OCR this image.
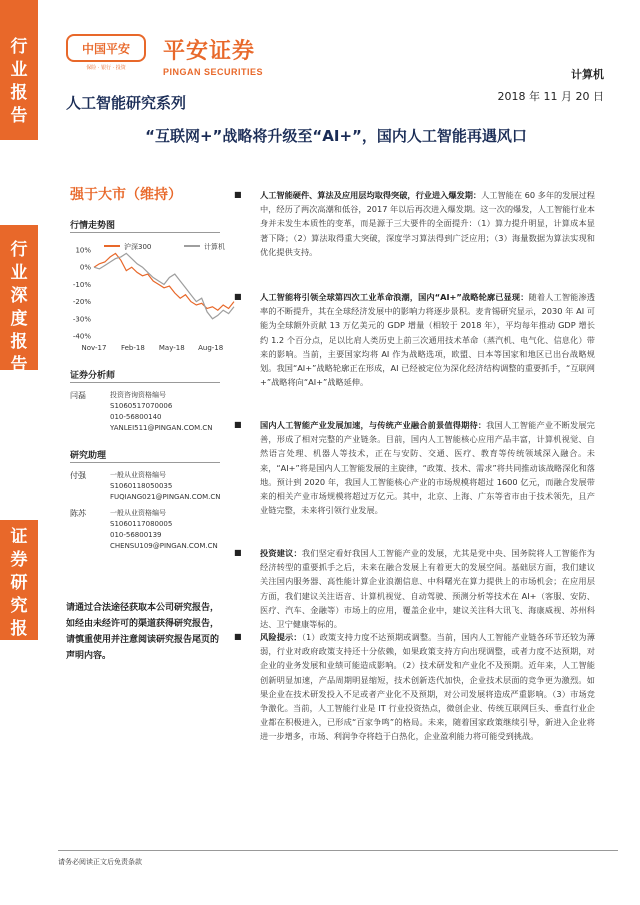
行
业
报
告
行
业
深
度
报
告
证
券
研
究
报
告
中国平安
保险 · 银行 · 投资
平安证券
PINGAN SECURITIES	计算机
2018 年 11 月 20 日
人工智能研究系列
“互联网+”战略将升级至“AI+”，国内人工智能再遇风口
强于大市（维持）
行情走势图
10%
0%
-10%
-20%
-30%
-40%
Nov-17 Feb-18 May-18 Aug-18
沪深300	计算机
证券分析师
闫磊	投资咨询资格编号
S1060517070006
010-56800140
YANLEI511@PINGAN.COM.CN
研究助理
付强	一般从业资格编号
S1060118050035
FUQIANG021@PINGAN.COM.CN
陈苏	一般从业资格编号
S1060117080005
010-56800139
CHENSU109@PINGAN.COM.CN
请通过合法途径获取本公司研究报告，如经由未经许可的渠道获得研究报告，请慎重使用并注意阅读研究报告尾页的声明内容。
■	人工智能硬件、算法及应用层均取得突破，行业进入爆发期：人工智能在 60 多年的发展过程中，经历了两次高潮和低谷，2017 年以后再次进入爆发期。这一次的爆发，人工智能行业本身并未发生本质性的变革，而是源于三大要件的全面提升：（1）算力提升明显，计算成本显著下降；（2）算法取得重大突破，深度学习算法得到广泛应用；（3）海量数据为算法实现和优化提供支持。
■	人工智能将引领全球第四次工业革命浪潮，国内“AI+”战略轮廓已显现：随着人工智能渗透率的不断提升，其在全球经济发展中的影响力将逐步景积。麦肯锡研究显示，2030 年 AI 可能为全球额外贡献 13 万亿美元的 GDP 增量（相较于 2018 年），平均每年推动 GDP 增长约 1.2 个百分点，足以比肩人类历史上前三次通用技术革命（蒸汽机、电气化、信息化）带来的影响。当前，主要国家均将 AI 作为战略选项，欧盟、日本等国家和地区已出台战略规划。我国“AI+”战略轮廓正在形成，AI 已经被定位为深化经济结构调整的重要抓手，“互联网+”战略将向“AI+”战略延伸。
■	国内人工智能产业发展加速，与传统产业融合前景值得期待：我国人工智能产业不断发展完善，形成了相对完整的产业链条。目前，国内人工智能核心应用产品丰富，计算机视觉、自然语言处理、机器人等技术，正在与安防、交通、医疗、教育等传统领域深入融合。未来，“AI+”将是国内人工智能发展的主旋律，“政策、技术、需求”将共同推动该战略深化和落地。预计到 2020 年，我国人工智能核心产业的市场规模将超过 1600 亿元，而融合发展带来的相关产业市场规模将超过万亿元。其中，北京、上海、广东等省市由于技术领先，且产业链完整，未来将引领行业发展。
■	投资建议：我们坚定看好我国人工智能产业的发展，尤其是党中央、国务院将人工智能作为经济转型的重要抓手之后，未来在融合发展上有着更大的发展空间。基础层方面，我们建议关注国内服务器、高性能计算企业浪潮信息、中科曙光在算力提供上的市场机会；在应用层方面，我们建议关注语音、计算机视觉、自动驾驶、预测分析等技术在 AI+（客服、安防、医疗、汽车、金融等）市场上的应用，覆盖企业中，建议关注科大讯飞、海康威视、苏州科达、卫宁健康等标的。
■	风险提示：（1）政策支持力度不达预期或调整。当前，国内人工智能产业链各环节还较为薄弱，行业对政府政策支持还十分依赖，如果政策支持方向出现调整，或者力度不达预期，对企业的业务发展和业绩可能造成影响。（2）技术研发和产业化不及预期。近年来，人工智能创新明显加速，产品周期明显缩短，技术创新迭代加快，企业技术层面的竞争更为激烈。如果企业在技术研发投入不足或者产业化不及预期，对公司发展将造成严重影响。（3）市场竞争激化。当前，人工智能行业是 IT 行业投资热点，微创企业、传统互联网巨头、垂直行业企业都在积极进入，已形成“百家争鸣”的格局。未来，随着国家政策继续引导，新进入企业将进一步增多，市场、利润争夺将趋于白热化，企业盈利能力将可能受到挑战。
请务必阅读正文后免责条款
